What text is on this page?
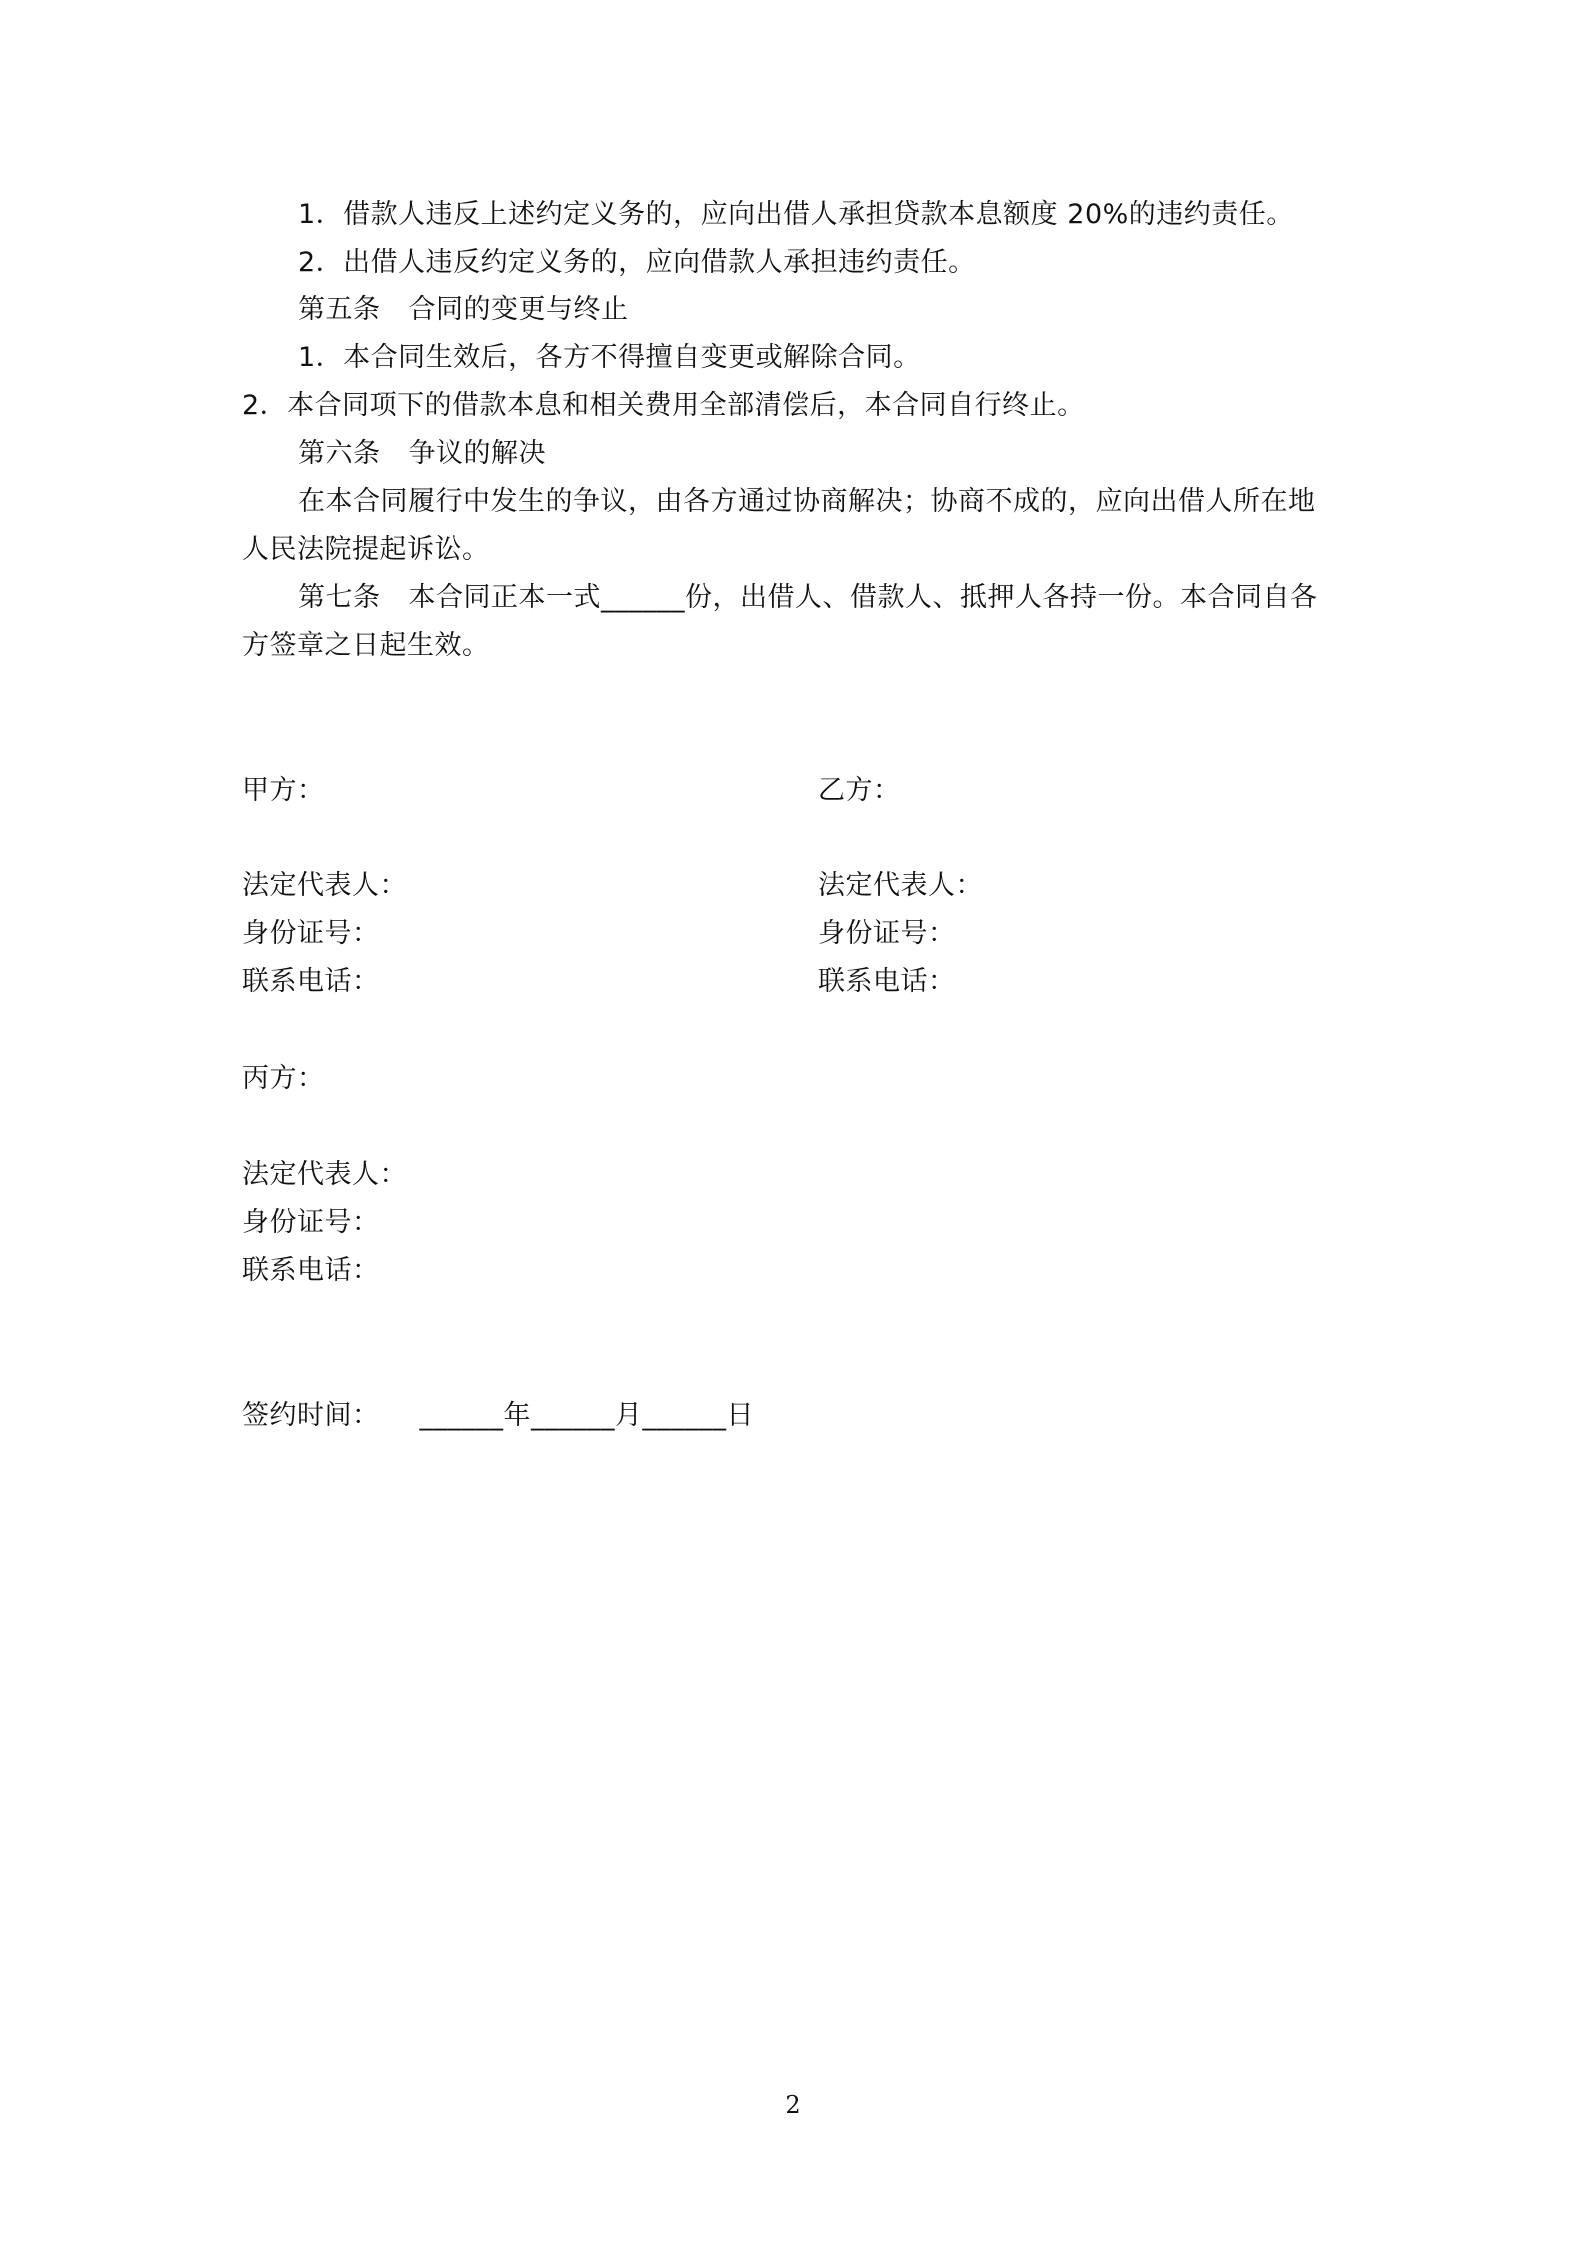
1．借款人违反上述约定义务的，应向出借人承担贷款本息额度 20%的违约责任。
2．出借人违反约定义务的，应向借款人承担违约责任。
第五条 合同的变更与终止
1．本合同生效后，各方不得擅自变更或解除合同。
2．本合同项下的借款本息和相关费用全部清偿后，本合同自行终止。
第六条 争议的解决
在本合同履行中发生的争议，由各方通过协商解决；协商不成的，应向出借人所在地
人民法院提起诉讼。
第七条 本合同正本一式______份，出借人、借款人、抵押人各持一份。本合同自各
方签章之日起生效。
甲方：	乙方：
法定代表人：	法定代表人：
身份证号：	身份证号：
联系电话：	联系电话：
丙方：
法定代表人：
身份证号：
联系电话：
签约时间： ______年______月______日
2
